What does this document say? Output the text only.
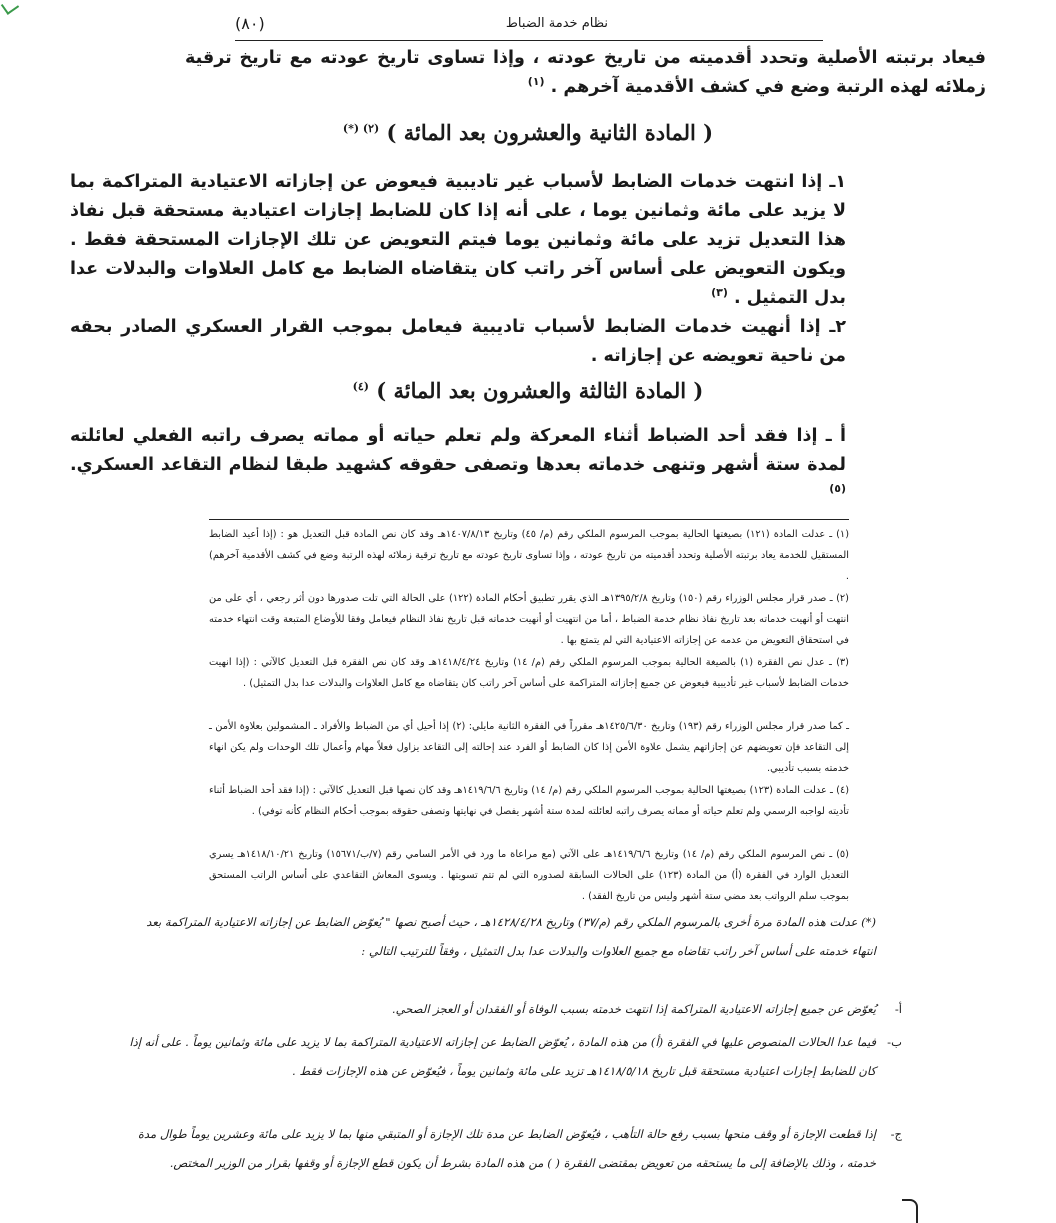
نظام خدمة الضباط
(٨٠)

فيعاد برتبته الأصلية وتحدد أقدميته من تاريخ عودته ، وإذا تساوى تاريخ عودته مع تاريخ ترقية زملائه لهذه الرتبة وضع في كشف الأقدمية آخرهم . $^{(١)}$

( المادة الثانية والعشرون بعد المائة ) $^{(٢) (*)}$

١ـ إذا انتهت خدمات الضابط لأسباب غير تاديبية فيعوض عن إجازاته الاعتيادية المتراكمة بما لا يزيد على مائة وثمانين يوما ، على أنه إذا كان للضابط إجازات اعتيادية مستحقة قبل نفاذ هذا التعديل تزيد على مائة وثمانين يوما فيتم التعويض عن تلك الإجازات المستحقة فقط . ويكون التعويض على أساس آخر راتب كان يتقاضاه الضابط مع كامل العلاوات والبدلات عدا بدل التمثيل . $^{(٣)}$
٢ـ إذا أنهيت خدمات الضابط لأسباب تاديبية فيعامل بموجب القرار العسكري الصادر بحقه من ناحية تعويضه عن إجازاته .

( المادة الثالثة والعشرون بعد المائة ) $^{(٤)}$

أ ـ إذا فقد أحد الضباط أثناء المعركة ولم تعلم حياته أو مماته يصرف راتبه الفعلي لعائلته لمدة ستة أشهر وتنهى خدماته بعدها وتصفى حقوقه كشهيد طبقا لنظام التقاعد العسكري. $^{(٥)}$

(١) ـ عدلت المادة (١٢١) بصيغتها الحالية بموجب المرسوم الملكي رقم (م/ ٤٥) وتاريخ ١٤٠٧/٨/١٣هـ وقد كان نص المادة قبل التعديل هو : (إذا أعيد الضابط المستقيل للخدمة يعاد برتبته الأصلية وتحدد أقدميته من تاريخ عودته ، وإذا تساوى تاريخ عودته مع تاريخ ترقية زملائه لهذه الرتبة وضع في كشف الأقدمية آخرهم) .

(٢) ـ صدر قرار مجلس الوزراء رقم (١٥٠) وتاريخ ١٣٩٥/٢/٨هـ الذي يقرر تطبيق أحكام المادة (١٢٢) على الحالة التي تلت صدورها دون أثر رجعي ، أي على من انتهت أو أنهيت خدماته بعد تاريخ نفاذ نظام خدمة الضباط ، أما من انتهيت أو أنهيت خدماته قبل تاريخ نفاذ النظام فيعامل وفقا للأوضاع المتبعة وقت انتهاء خدمته في استحقاق التعويض من عدمه عن إجازاته الاعتيادية التي لم يتمتع بها .

(٣) ـ عدل نص الفقرة (١) بالصيغة الحالية بموجب المرسوم الملكي رقم (م/ ١٤) وتاريخ ١٤١٨/٤/٢٤هـ وقد كان نص الفقرة قبل التعديل كالآتي : (إذا انهيت خدمات الضابط لأسباب غير تأديبية فيعوض عن جميع إجازاته المتراكمة على أساس آخر راتب كان يتقاضاه مع كامل العلاوات والبدلات عدا بدل التمثيل) .

ـ كما صدر قرار مجلس الوزراء رقم (١٩٣) وتاريخ ١٤٢٥/٦/٣٠هـ مقرراً في الفقرة الثانية مايلي: (٢) إذا أحيل أي من الضباط والأفراد ـ المشمولين بعلاوة الأمن ـ إلى التقاعد فإن تعويضهم عن إجازاتهم يشمل علاوة الأمن إذا كان الضابط أو الفرد عند إحالته إلى التقاعد يزاول فعلاً مهام وأعمال تلك الوحدات ولم يكن انهاء خدمته بسبب تأديبي.

(٤) ـ عدلت المادة (١٢٣) بصيغتها الحالية بموجب المرسوم الملكي رقم (م/ ١٤) وتاريخ ١٤١٩/٦/٦هـ وقد كان نصها قبل التعديل كالآتي : (إذا فقد أحد الضباط أثناء تأديته لواجبه الرسمي ولم تعلم حياته أو مماته يصرف راتبه لعائلته لمدة ستة أشهر يفصل في نهايتها وتصفى حقوقه بموجب أحكام النظام كأنه توفي) .

(٥) ـ نص المرسوم الملكي رقم (م/ ١٤) وتاريخ ١٤١٩/٦/٦هـ على الآتي (مع مراعاة ما ورد في الأمر السامي رقم (٧/ب/١٥٦٧١) وتاريخ ١٤١٨/١٠/٢١هـ يسري التعديل الوارد في الفقرة (أ) من المادة (١٢٣) على الحالات السابقة لصدوره التي لم تتم تسويتها . ويسوى المعاش التقاعدي على أساس الراتب المستحق بموجب سلم الرواتب بعد مضي ستة أشهر وليس من تاريخ الفقد) .

(*) عدلت هذه المادة مرة أخرى بالمرسوم الملكي رقم (م/٣٧) وتاريخ ١٤٢٨/٤/٢٨هـ ، حيث أصبح نصها " يُعوّض الضابط عن إجازاته الاعتيادية المتراكمة بعد انتهاء خدمته على أساس آخر راتب تقاضاه مع جميع العلاوات والبدلات عدا بدل التمثيل ، وفقاً للترتيب التالي :

أ-
يُعوّض عن جميع إجازاته الاعتيادية المتراكمة إذا انتهت خدمته بسبب الوفاة أو الفقدان أو العجز الصحي.
ب-
فيما عدا الحالات المنصوص عليها في الفقرة (أ) من هذه المادة ، يُعوّض الضابط عن إجازاته الاعتيادية المتراكمة بما لا يزيد على مائة وثمانين يوماً . على أنه إذا كان للضابط إجازات اعتيادية مستحقة قبل تاريخ ١٤١٨/٥/١٨هـ تزيد على مائة وثمانين يوماً ، فيُعوّض عن هذه الإجازات فقط .
ج-
إذا قطعت الإجازة أو وقف منحها بسبب رفع حالة التأهب ، فيُعوّض الضابط عن مدة تلك الإجازة أو المتبقي منها بما لا يزيد على مائة وعشرين يوماً طوال مدة خدمته ، وذلك بالإضافة إلى ما يستحقه من تعويض بمقتضى الفقرة ( ) من هذه المادة بشرط أن يكون قطع الإجازة أو وقفها بقرار من الوزير المختص.
